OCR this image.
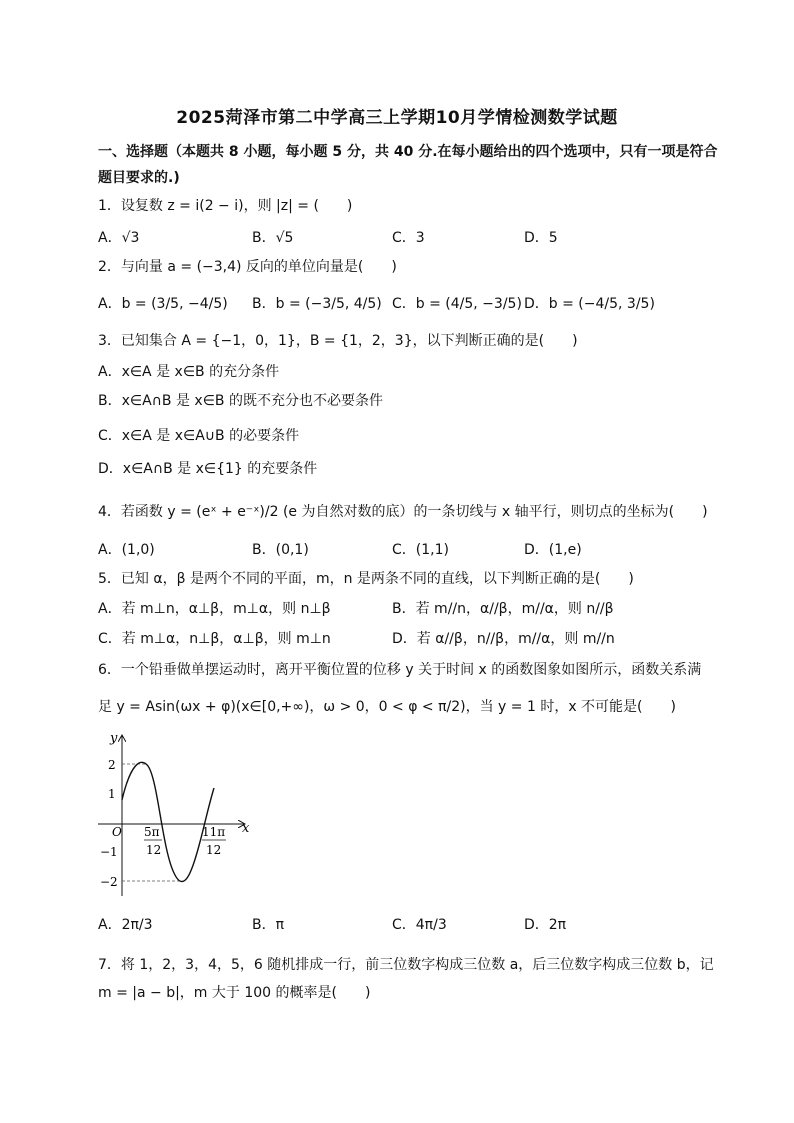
2025菏泽市第二中学高三上学期10月学情检测数学试题
一、选择题（本题共 8 小题，每小题 5 分，共 40 分.在每小题给出的四个选项中，只有一项是符合
题目要求的.)
1．设复数 z = i(2 − i)，则 |z| = (　　)
A．√3	B．√5	C．3	D．5
2．与向量 a = (−3,4) 反向的单位向量是(　　)
A．b = (3/5, −4/5) B．b = (−3/5, 4/5) C．b = (4/5, −3/5) D．b = (−4/5, 3/5)
3．已知集合 A = {−1，0，1}，B = {1，2，3}，以下判断正确的是(　　)
A．x∈A 是 x∈B 的充分条件
B．x∈A∩B 是 x∈B 的既不充分也不必要条件
C．x∈A 是 x∈A∪B 的必要条件
D．x∈A∩B 是 x∈{1} 的充要条件
4．若函数 y = (eˣ + e⁻ˣ)/2 (e 为自然对数的底）的一条切线与 x 轴平行，则切点的坐标为(　　)
A．(1,0)	B．(0,1)	C．(1,1)	D．(1,e)
5．已知 α，β 是两个不同的平面，m，n 是两条不同的直线，以下判断正确的是(　　)
A．若 m⊥n，α⊥β，m⊥α，则 n⊥β	B．若 m//n，α//β，m//α，则 n//β
C．若 m⊥α，n⊥β，α⊥β，则 m⊥n	D．若 α//β，n//β，m//α，则 m//n
6．一个铅垂做单摆运动时，离开平衡位置的位移 y 关于时间 x 的函数图象如图所示，函数关系满
足 y = Asin(ωx + φ)(x∈[0,+∞)，ω > 0，0 < φ < π/2)，当 y = 1 时，x 不可能是(　　)
y
x
O
2
1
−1
−2
5π
12
11π
12
A．2π/3	B．π	C．4π/3	D．2π
7．将 1，2，3，4，5，6 随机排成一行，前三位数字构成三位数 a，后三位数字构成三位数 b，记
m = |a − b|，m 大于 100 的概率是(　　)
